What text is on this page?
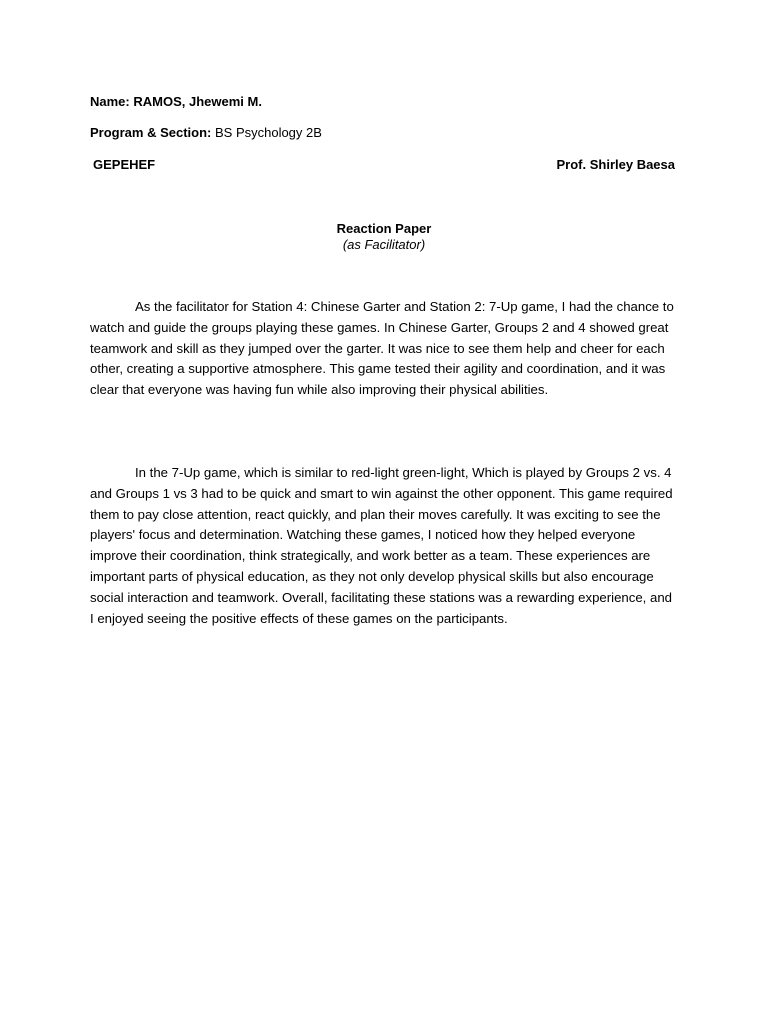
Name: RAMOS, Jhewemi M.
Program & Section: BS Psychology 2B
GEPEHEF	Prof. Shirley Baesa
Reaction Paper
(as Facilitator)

As the facilitator for Station 4: Chinese Garter and Station 2: 7-Up game, I had the chance to watch and guide the groups playing these games. In Chinese Garter, Groups 2 and 4 showed great teamwork and skill as they jumped over the garter. It was nice to see them help and cheer for each other, creating a supportive atmosphere. This game tested their agility and coordination, and it was clear that everyone was having fun while also improving their physical abilities.

In the 7-Up game, which is similar to red-light green-light, Which is played by Groups 2 vs. 4 and Groups 1 vs 3 had to be quick and smart to win against the other opponent. This game required them to pay close attention, react quickly, and plan their moves carefully. It was exciting to see the players' focus and determination. Watching these games, I noticed how they helped everyone improve their coordination, think strategically, and work better as a team. These experiences are important parts of physical education, as they not only develop physical skills but also encourage social interaction and teamwork. Overall, facilitating these stations was a rewarding experience, and I enjoyed seeing the positive effects of these games on the participants.
